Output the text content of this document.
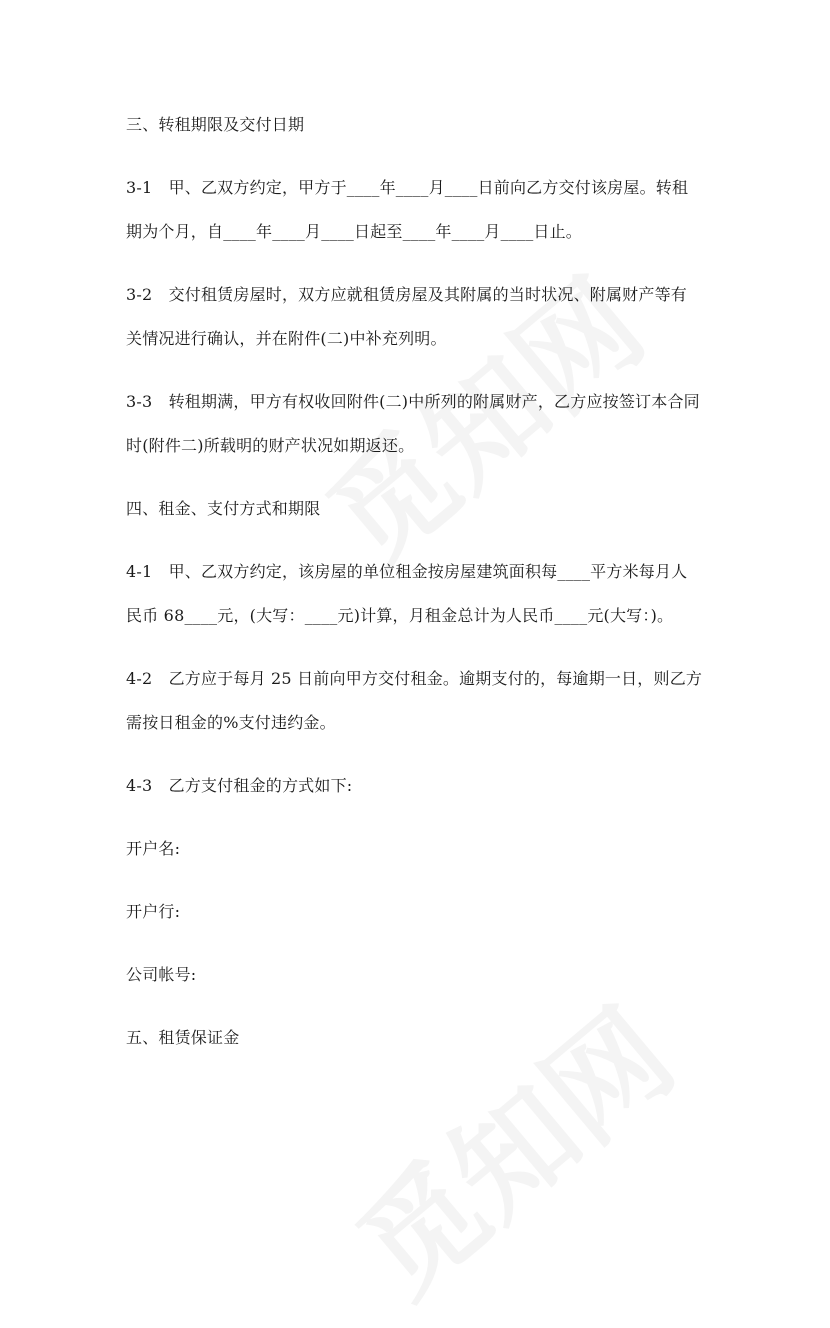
三、转租期限及交付日期
3-1　甲、乙双方约定，甲方于____年____月____日前向乙方交付该房屋。转租
期为个月，自____年____月____日起至____年____月____日止。
3-2　交付租赁房屋时，双方应就租赁房屋及其附属的当时状况、附属财产等有
关情况进行确认，并在附件(二)中补充列明。
3-3　转租期满，甲方有权收回附件(二)中所列的附属财产，乙方应按签订本合同
时(附件二)所载明的财产状况如期返还。
四、租金、支付方式和期限
4-1　甲、乙双方约定，该房屋的单位租金按房屋建筑面积每____平方米每月人
民币 68____元，(大写：____元)计算，月租金总计为人民币____元(大写：)。
4-2　乙方应于每月 25 日前向甲方交付租金。逾期支付的，每逾期一日，则乙方
需按日租金的%支付违约金。
4-3　乙方支付租金的方式如下:
开户名:
开户行:
公司帐号:
五、租赁保证金
